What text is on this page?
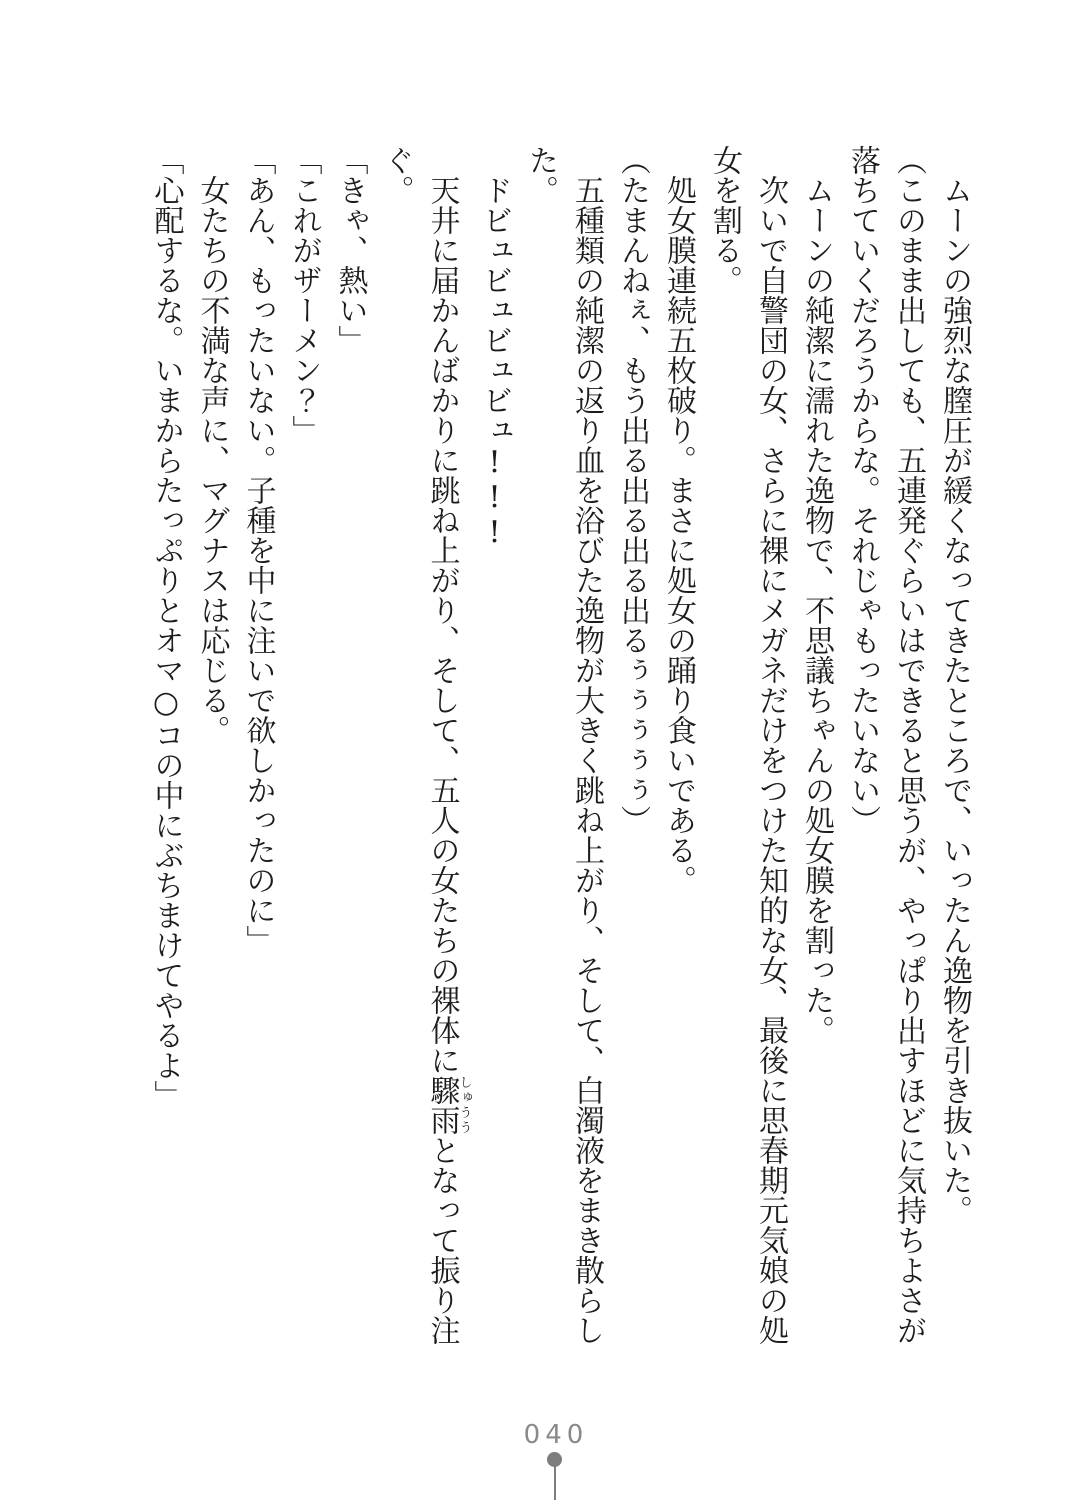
ムーンの強烈な膣圧が緩くなってきたところで、いったん逸物を引き抜いた。

（このまま出しても、五連発ぐらいはできると思うが、やっぱり出すほどに気持ちよさが落ちていくだろうからな。それじゃもったいない）

ムーンの純潔に濡れた逸物で、不思議ちゃんの処女膜を割った。

次いで自警団の女、さらに裸にメガネだけをつけた知的な女、最後に思春期元気娘の処女を割る。

処女膜連続五枚破り。まさに処女の踊り食いである。

（たまんねぇ、もう出る出る出る出るぅぅぅぅぅ）

五種類の純潔の返り血を浴びた逸物が大きく跳ね上がり、そして、白濁液をまき散らした。

ドビュビュビュビュ!!!

天井に届かんばかりに跳ね上がり、そして、五人の女たちの裸体に驟雨しゅううとなって振り注ぐ。

「きゃ、熱い」

「これがザーメン？」

「あん、もったいない。子種を中に注いで欲しかったのに」

女たちの不満な声に、マグナスは応じる。

「心配するな。いまからたっぷりとオマ○コの中にぶちまけてやるよ」

040
